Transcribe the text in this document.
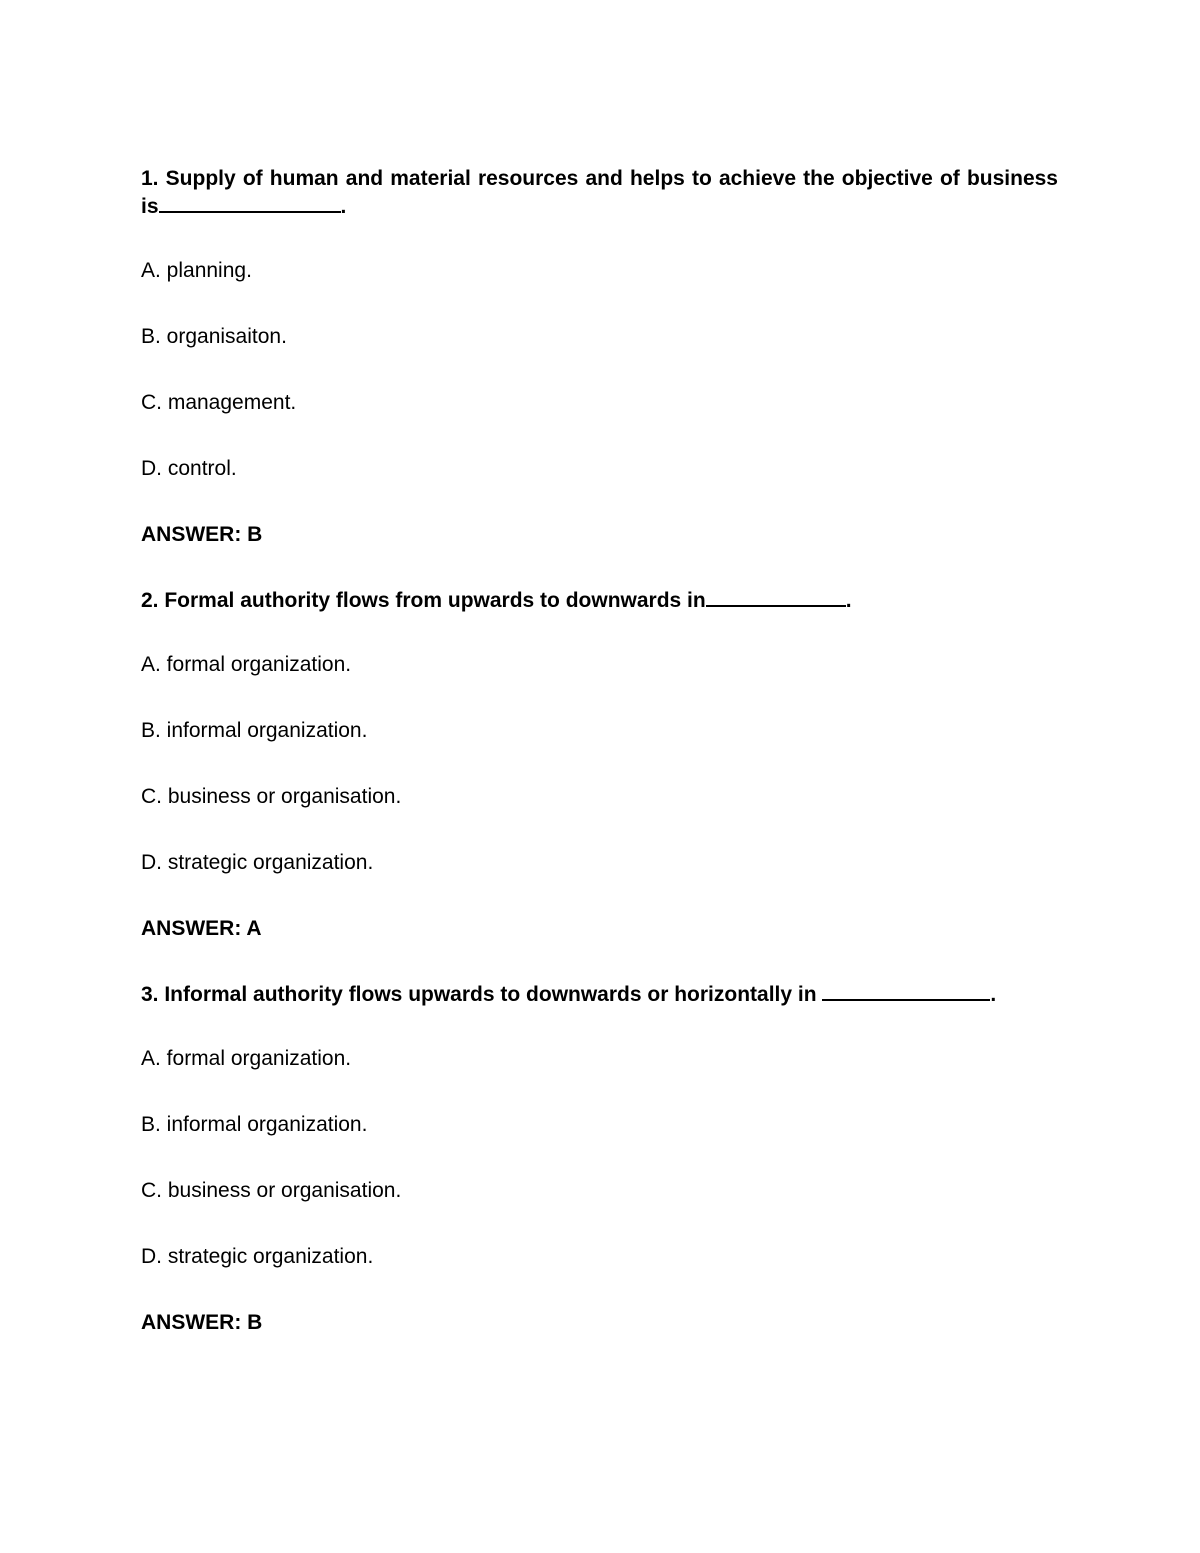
1. Supply of human and material resources and helps to achieve the objective of business is	.

A. planning.

B. organisaiton.

C. management.

D. control.

ANSWER: B

2. Formal authority flows from upwards to downwards in	.

A. formal organization.

B. informal organization.

C. business or organisation.

D. strategic organization.

ANSWER: A

3. Informal authority flows upwards to downwards or horizontally in	.

A. formal organization.

B. informal organization.

C. business or organisation.

D. strategic organization.

ANSWER: B
